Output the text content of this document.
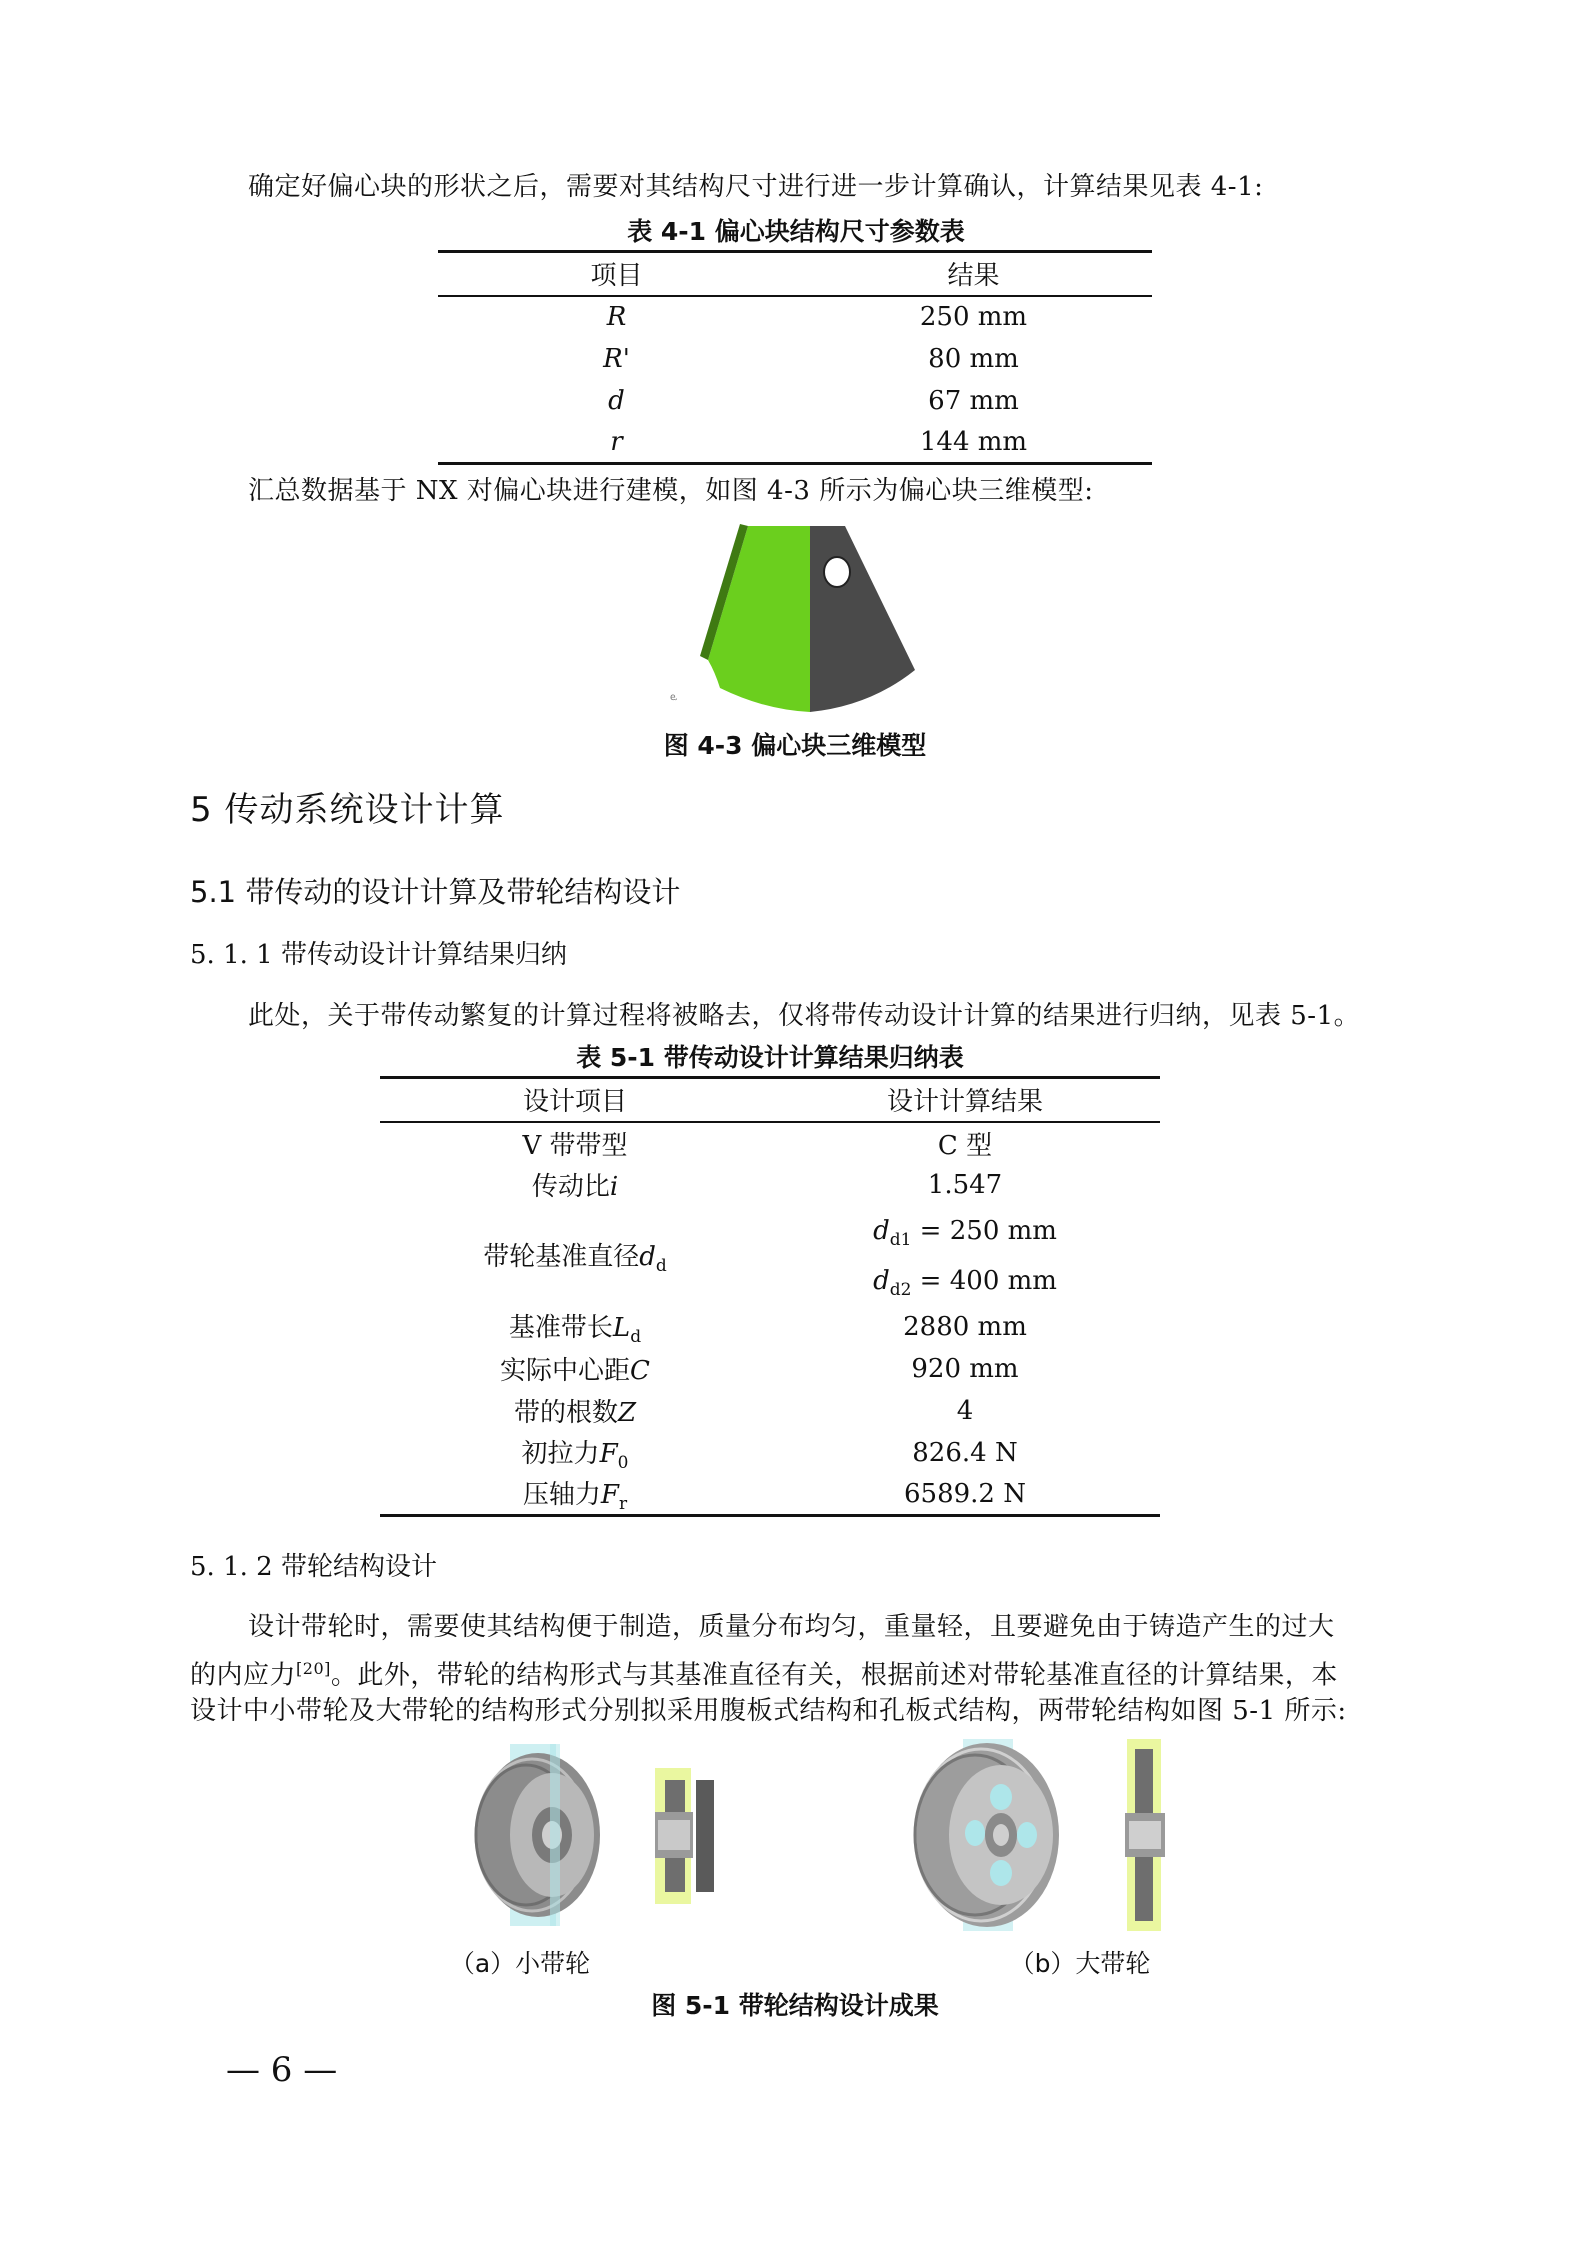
确定好偏心块的形状之后，需要对其结构尺寸进行进一步计算确认，计算结果见表 4-1:
表 4-1 偏心块结构尺寸参数表
项目	结果
R	250 mm
R'	80 mm
d	67 mm
r	144 mm
汇总数据基于 NX 对偏心块进行建模，如图 4-3 所示为偏心块三维模型:
ⱸ
图 4-3 偏心块三维模型
5 传动系统设计计算
5.1 带传动的设计计算及带轮结构设计
5. 1. 1 带传动设计计算结果归纳
此处，关于带传动繁复的计算过程将被略去，仅将带传动设计计算的结果进行归纳，见表 5-1。
表 5-1 带传动设计计算结果归纳表
设计项目	设计计算结果
V 带带型	C 型
传动比i	1.547
带轮基准直径$d_d$	$d_{d1} = 250$ mm
$d_{d2} = 400$ mm

基准带长$L_d$	2880 mm
实际中心距C	920 mm
带的根数Z	4
初拉力$F_0$	826.4 N
压轴力$F_r$	6589.2 N
5. 1. 2 带轮结构设计
设计带轮时，需要使其结构便于制造，质量分布均匀，重量轻，且要避免由于铸造产生的过大
的内应力[20]。此外，带轮的结构形式与其基准直径有关，根据前述对带轮基准直径的计算结果，本
设计中小带轮及大带轮的结构形式分别拟采用腹板式结构和孔板式结构，两带轮结构如图 5-1 所示:
（a）小带轮	（b）大带轮
图 5-1 带轮结构设计成果
— 6 —
